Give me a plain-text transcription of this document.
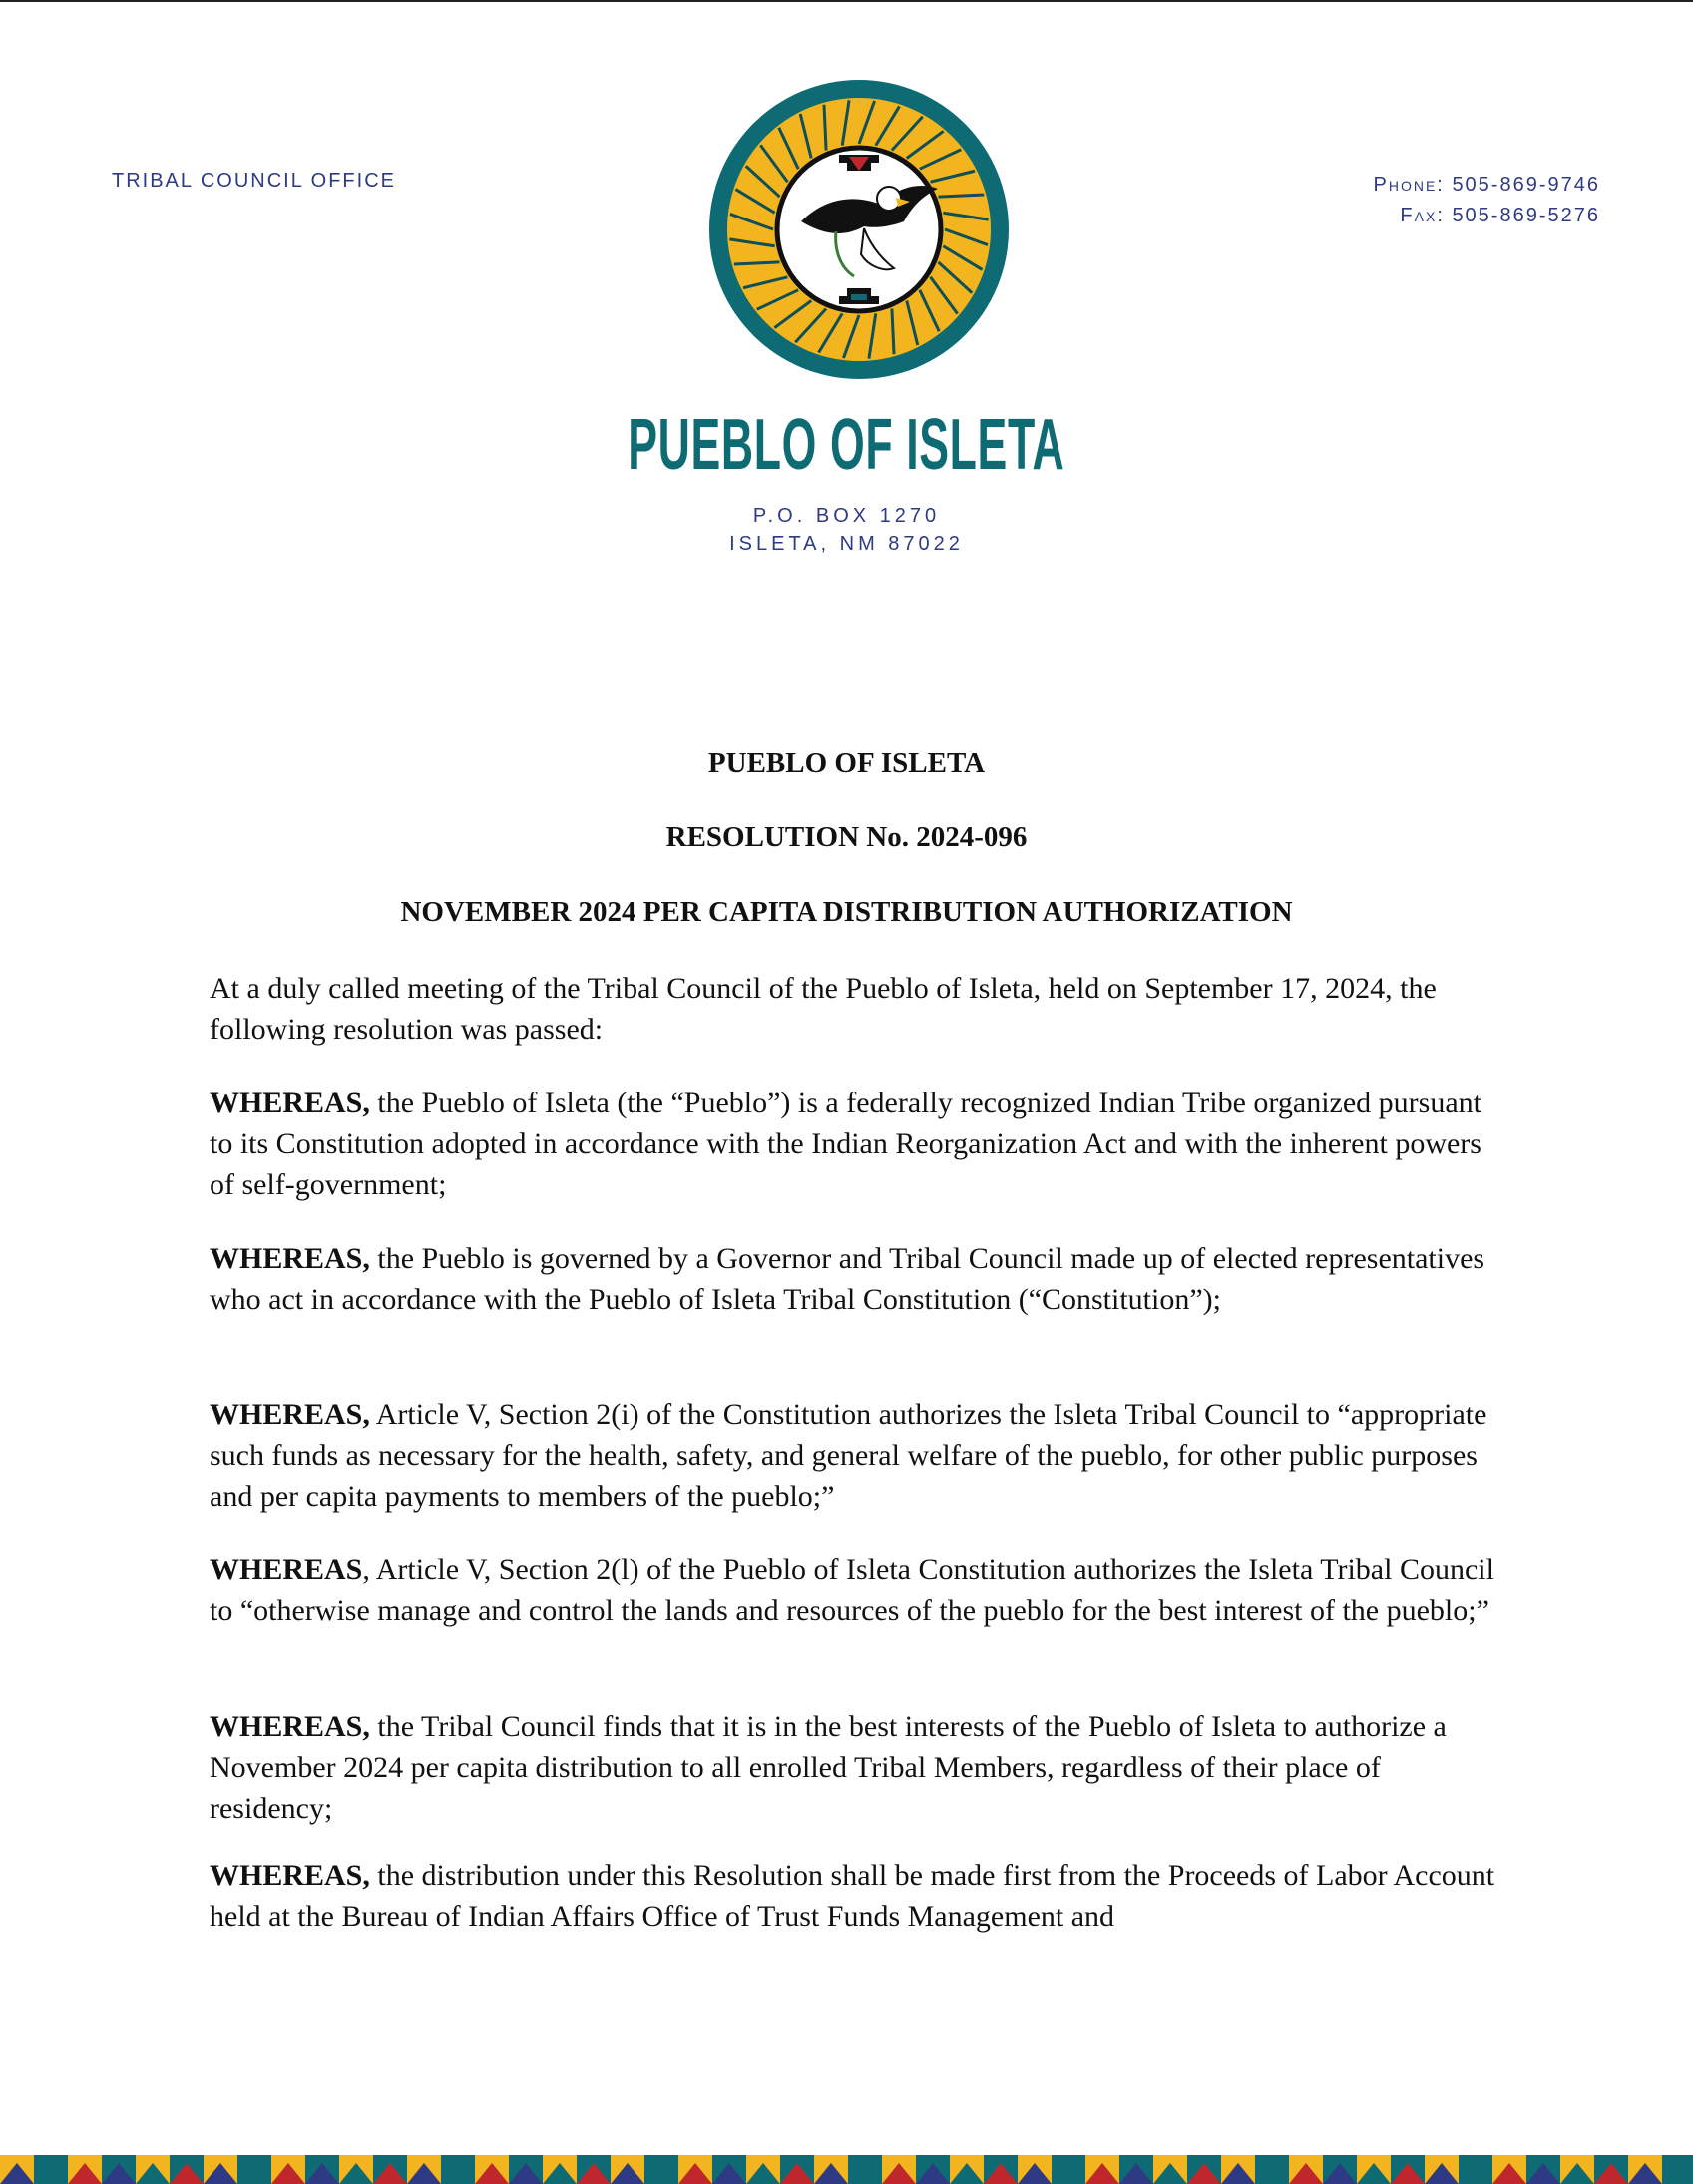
TRIBAL COUNCIL OFFICE	Phone: 505-869-9746
Fax: 505-869-5276
PUEBLO OF ISLETA
P.O. BOX 1270
ISLETA, NM 87022
PUEBLO OF ISLETA
RESOLUTION No. 2024-096
NOVEMBER 2024 PER CAPITA DISTRIBUTION AUTHORIZATION

At a duly called meeting of the Tribal Council of the Pueblo of Isleta, held on September 17, 2024, the following resolution was passed:

WHEREAS, the Pueblo of Isleta (the “Pueblo”) is a federally recognized Indian Tribe organized pursuant to its Constitution adopted in accordance with the Indian Reorganization Act and with the inherent powers of self-government;

WHEREAS, the Pueblo is governed by a Governor and Tribal Council made up of elected representatives who act in accordance with the Pueblo of Isleta Tribal Constitution (“Constitution”);

WHEREAS, Article V, Section 2(i) of the Constitution authorizes the Isleta Tribal Council to “appropriate such funds as necessary for the health, safety, and general welfare of the pueblo, for other public purposes and per capita payments to members of the pueblo;”

WHEREAS, Article V, Section 2(l) of the Pueblo of Isleta Constitution authorizes the Isleta Tribal Council to “otherwise manage and control the lands and resources of the pueblo for the best interest of the pueblo;”

WHEREAS, the Tribal Council finds that it is in the best interests of the Pueblo of Isleta to authorize a November 2024 per capita distribution to all enrolled Tribal Members, regardless of their place of residency;

WHEREAS, the distribution under this Resolution shall be made first from the Proceeds of Labor Account held at the Bureau of Indian Affairs Office of Trust Funds Management and
